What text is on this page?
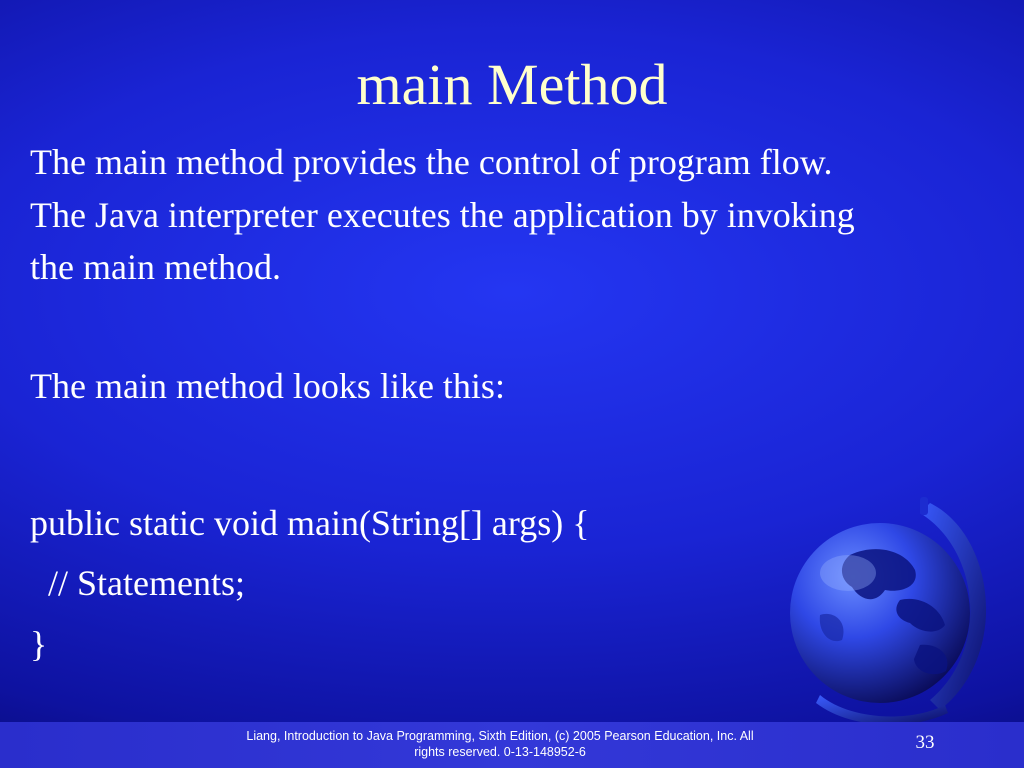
main Method

The main method provides the control of program flow.

The Java interpreter executes the application by invoking

the main method.

The main method looks like this:

public static void main(String[] args) {

// Statements;

}

Liang, Introduction to Java Programming, Sixth Edition, (c) 2005 Pearson Education, Inc. All
rights reserved. 0-13-148952-6	33
